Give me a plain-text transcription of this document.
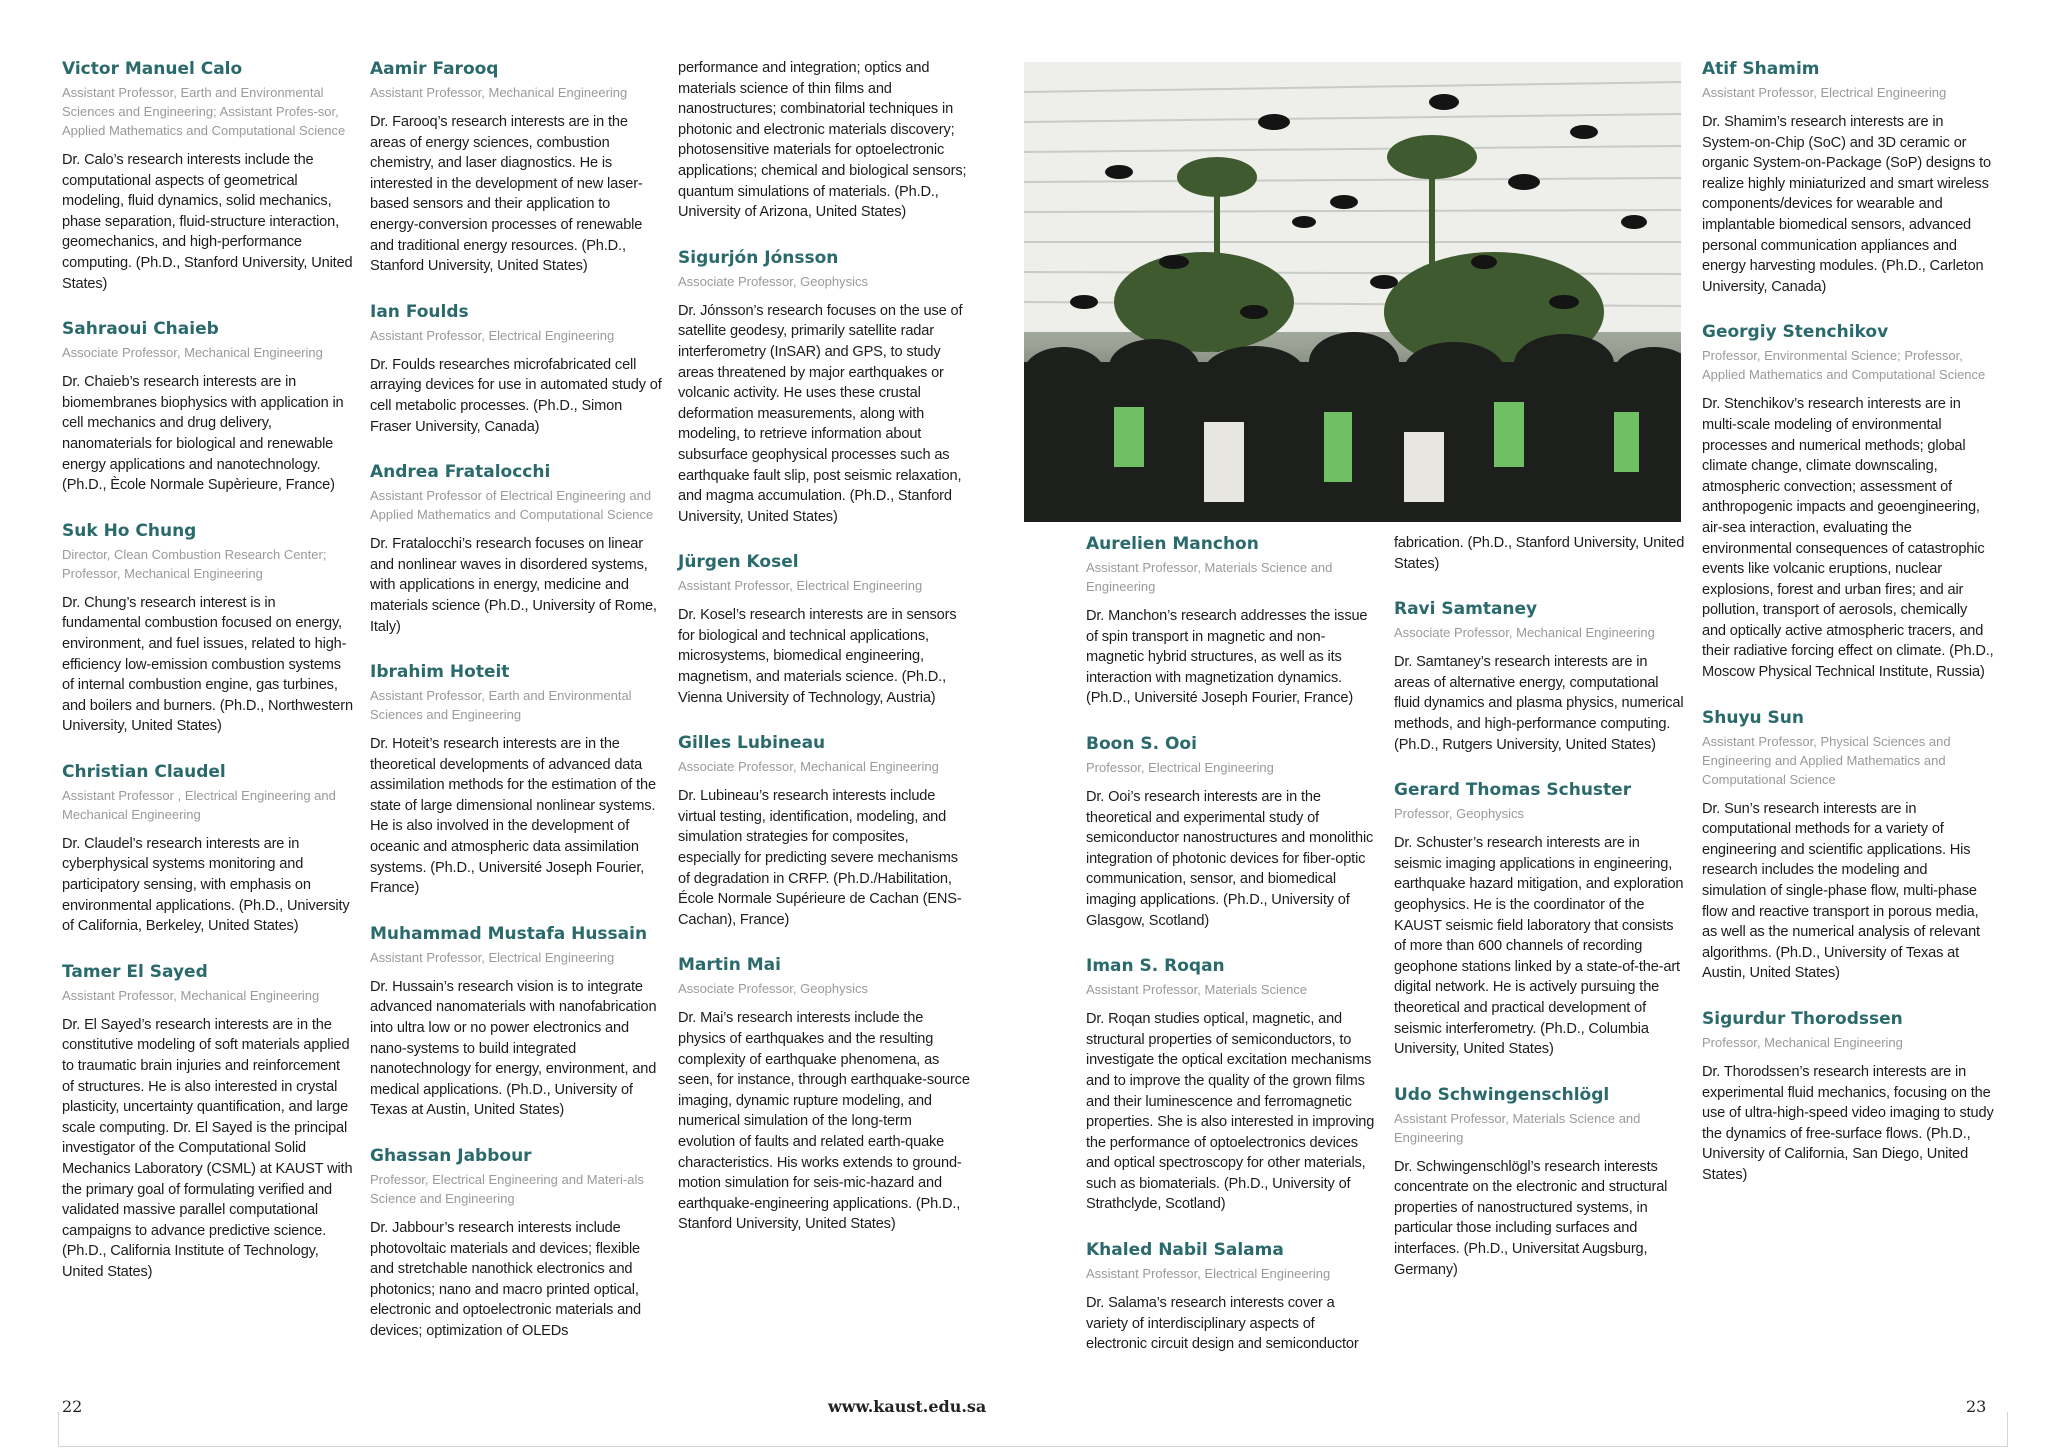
Victor Manuel Calo
Assistant Professor, Earth and Environmental Sciences and Engineering; Assistant Profes-sor, Applied Mathematics and Computational Science
Dr. Calo’s research interests include the computational aspects of geometrical modeling, fluid dynamics, solid mechanics, phase separation, fluid-structure interaction, geomechanics, and high-performance computing. (Ph.D., Stanford University, United States)
Sahraoui Chaieb
Associate Professor, Mechanical Engineering
Dr. Chaieb’s research interests are in biomembranes biophysics with application in cell mechanics and drug delivery, nanomaterials for biological and renewable energy applications and nanotechnology. (Ph.D., Ècole Normale Supèrieure, France)
Suk Ho Chung
Director, Clean Combustion Research Center; Professor, Mechanical Engineering
Dr. Chung’s research interest is in fundamental combustion focused on energy, environment, and fuel issues, related to high-efficiency low-emission combustion systems of internal combustion engine, gas turbines, and boilers and burners. (Ph.D., Northwestern University, United States)
Christian Claudel
Assistant Professor , Electrical Engineering and Mechanical Engineering
Dr. Claudel’s research interests are in cyberphysical systems monitoring and participatory sensing, with emphasis on environmental applications. (Ph.D., University of California, Berkeley, United States)
Tamer El Sayed
Assistant Professor, Mechanical Engineering
Dr. El Sayed’s research interests are in the constitutive modeling of soft materials applied to traumatic brain injuries and reinforcement of structures. He is also interested in crystal plasticity, uncertainty quantification, and large scale computing. Dr. El Sayed is the principal investigator of the Computational Solid Mechanics Laboratory (CSML) at KAUST with the primary goal of formulating verified and validated massive parallel computational campaigns to advance predictive science. (Ph.D., California Institute of Technology, United States)
Aamir Farooq
Assistant Professor, Mechanical Engineering
Dr. Farooq’s research interests are in the areas of energy sciences, combustion chemistry, and laser diagnostics. He is interested in the development of new laser-based sensors and their application to energy-conversion processes of renewable and traditional energy resources. (Ph.D., Stanford University, United States)
Ian Foulds
Assistant Professor, Electrical Engineering
Dr. Foulds researches microfabricated cell arraying devices for use in automated study of cell metabolic processes. (Ph.D., Simon Fraser University, Canada)
Andrea Fratalocchi
Assistant Professor of Electrical Engineering and Applied Mathematics and Computational Science
Dr. Fratalocchi’s research focuses on linear and nonlinear waves in disordered systems, with applications in energy, medicine and materials science (Ph.D., University of Rome, Italy)
Ibrahim Hoteit
Assistant Professor, Earth and Environmental Sciences and Engineering
Dr. Hoteit’s research interests are in the theoretical developments of advanced data assimilation methods for the estimation of the state of large dimensional nonlinear systems. He is also involved in the development of oceanic and atmospheric data assimilation systems. (Ph.D., Université Joseph Fourier, France)
Muhammad Mustafa Hussain
Assistant Professor, Electrical Engineering
Dr. Hussain’s research vision is to integrate advanced nanomaterials with nanofabrication into ultra low or no power electronics and nano-systems to build integrated nanotechnology for energy, environment, and medical applications. (Ph.D., University of Texas at Austin, United States)
Ghassan Jabbour
Professor, Electrical Engineering and Materi-als Science and Engineering
Dr. Jabbour’s research interests include photovoltaic materials and devices; flexible and stretchable nanothick electronics and photonics; nano and macro printed optical, electronic and optoelectronic materials and devices; optimization of OLEDs
performance and integration; optics and materials science of thin films and nanostructures; combinatorial techniques in photonic and electronic materials discovery; photosensitive materials for optoelectronic applications; chemical and biological sensors; quantum simulations of materials. (Ph.D., University of Arizona, United States)
Sigurjón Jónsson
Associate Professor, Geophysics
Dr. Jónsson’s research focuses on the use of satellite geodesy, primarily satellite radar interferometry (InSAR) and GPS, to study areas threatened by major earthquakes or volcanic activity. He uses these crustal deformation measurements, along with modeling, to retrieve information about subsurface geophysical processes such as earthquake fault slip, post seismic relaxation, and magma accumulation. (Ph.D., Stanford University, United States)
Jürgen Kosel
Assistant Professor, Electrical Engineering
Dr. Kosel’s research interests are in sensors for biological and technical applications, microsystems, biomedical engineering, magnetism, and materials science. (Ph.D., Vienna University of Technology, Austria)
Gilles Lubineau
Associate Professor, Mechanical Engineering
Dr. Lubineau’s research interests include virtual testing, identification, modeling, and simulation strategies for composites, especially for predicting severe mechanisms of degradation in CRFP. (Ph.D./Habilitation, École Normale Supérieure de Cachan (ENS-Cachan), France)
Martin Mai
Associate Professor, Geophysics
Dr. Mai’s research interests include the physics of earthquakes and the resulting complexity of earthquake phenomena, as seen, for instance, through earthquake-source imaging, dynamic rupture modeling, and numerical simulation of the long-term evolution of faults and related earth-quake characteristics. His works extends to ground-motion simulation for seis-mic-hazard and earthquake-engineering applications. (Ph.D., Stanford University, United States)
Aurelien Manchon
Assistant Professor, Materials Science and Engineering
Dr. Manchon’s research addresses the issue of spin transport in magnetic and non-magnetic hybrid structures, as well as its interaction with magnetization dynamics. (Ph.D., Université Joseph Fourier, France)
Boon S. Ooi
Professor, Electrical Engineering
Dr. Ooi’s research interests are in the theoretical and experimental study of semiconductor nanostructures and monolithic integration of photonic devices for fiber-optic communication, sensor, and biomedical imaging applications. (Ph.D., University of Glasgow, Scotland)
Iman S. Roqan
Assistant Professor, Materials Science
Dr. Roqan studies optical, magnetic, and structural properties of semiconductors, to investigate the optical excitation mechanisms and to improve the quality of the grown films and their luminescence and ferromagnetic properties. She is also interested in improving the performance of optoelectronics devices and optical spectroscopy for other materials, such as biomaterials. (Ph.D., University of Strathclyde, Scotland)
Khaled Nabil Salama
Assistant Professor, Electrical Engineering
Dr. Salama’s research interests cover a variety of interdisciplinary aspects of electronic circuit design and semiconductor
fabrication. (Ph.D., Stanford University, United States)
Ravi Samtaney
Associate Professor, Mechanical Engineering
Dr. Samtaney’s research interests are in areas of alternative energy, computational fluid dynamics and plasma physics, numerical methods, and high-performance computing. (Ph.D., Rutgers University, United States)
Gerard Thomas Schuster
Professor, Geophysics
Dr. Schuster’s research interests are in seismic imaging applications in engineering, earthquake hazard mitigation, and exploration geophysics. He is the coordinator of the KAUST seismic field laboratory that consists of more than 600 channels of recording geophone stations linked by a state-of-the-art digital network. He is actively pursuing the theoretical and practical development of seismic interferometry. (Ph.D., Columbia University, United States)
Udo Schwingenschlögl
Assistant Professor, Materials Science and Engineering
Dr. Schwingenschlögl’s research interests concentrate on the electronic and structural properties of nanostructured systems, in particular those including surfaces and interfaces. (Ph.D., Universitat Augsburg, Germany)
Atif Shamim
Assistant Professor, Electrical Engineering
Dr. Shamim’s research interests are in System-on-Chip (SoC) and 3D ceramic or organic System-on-Package (SoP) designs to realize highly miniaturized and smart wireless components/devices for wearable and implantable biomedical sensors, advanced personal communication appliances and energy harvesting modules. (Ph.D., Carleton University, Canada)
Georgiy Stenchikov
Professor, Environmental Science; Professor, Applied Mathematics and Computational Science
Dr. Stenchikov’s research interests are in multi-scale modeling of environmental processes and numerical methods; global climate change, climate downscaling, atmospheric convection; assessment of anthropogenic impacts and geoengineering, air-sea interaction, evaluating the environmental consequences of catastrophic events like volcanic eruptions, nuclear explosions, forest and urban fires; and air pollution, transport of aerosols, chemically and optically active atmospheric tracers, and their radiative forcing effect on climate. (Ph.D., Moscow Physical Technical Institute, Russia)
Shuyu Sun
Assistant Professor, Physical Sciences and Engineering and Applied Mathematics and Computational Science
Dr. Sun’s research interests are in computational methods for a variety of engineering and scientific applications. His research includes the modeling and simulation of single-phase flow, multi-phase flow and reactive transport in porous media, as well as the numerical analysis of relevant algorithms. (Ph.D., University of Texas at Austin, United States)
Sigurdur Thorodssen
Professor, Mechanical Engineering
Dr. Thorodssen’s research interests are in experimental fluid mechanics, focusing on the use of ultra-high-speed video imaging to study the dynamics of free-surface flows. (Ph.D., University of California, San Diego, United States)
22	www.kaust.edu.sa	23
